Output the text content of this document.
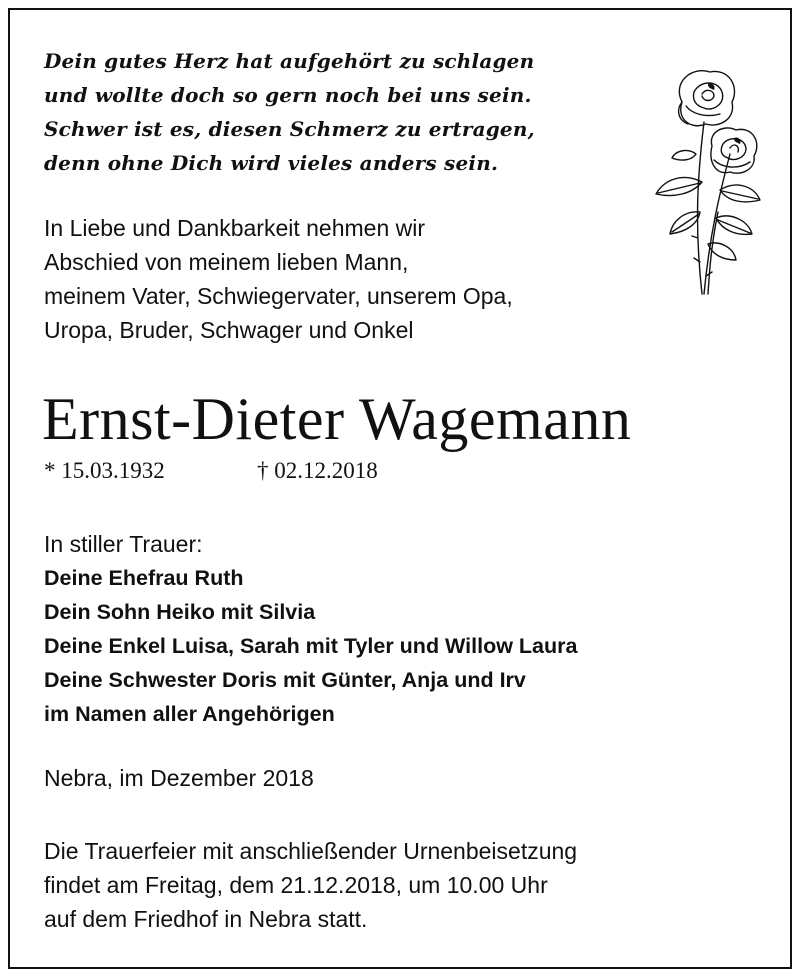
Dein gutes Herz hat aufgehört zu schlagen
und wollte doch so gern noch bei uns sein.
Schwer ist es, diesen Schmerz zu ertragen,
denn ohne Dich wird vieles anders sein.
In Liebe und Dankbarkeit nehmen wir
Abschied von meinem lieben Mann,
meinem Vater, Schwiegervater, unserem Opa,
Uropa, Bruder, Schwager und Onkel
Ernst-Dieter Wagemann
* 15.03.1932	† 02.12.2018
In stiller Trauer:
Deine Ehefrau Ruth
Dein Sohn Heiko mit Silvia
Deine Enkel Luisa, Sarah mit Tyler und Willow Laura
Deine Schwester Doris mit Günter, Anja und Irv
im Namen aller Angehörigen
Nebra, im Dezember 2018
Die Trauerfeier mit anschließender Urnenbeisetzung
findet am Freitag, dem 21.12.2018, um 10.00 Uhr
auf dem Friedhof in Nebra statt.
